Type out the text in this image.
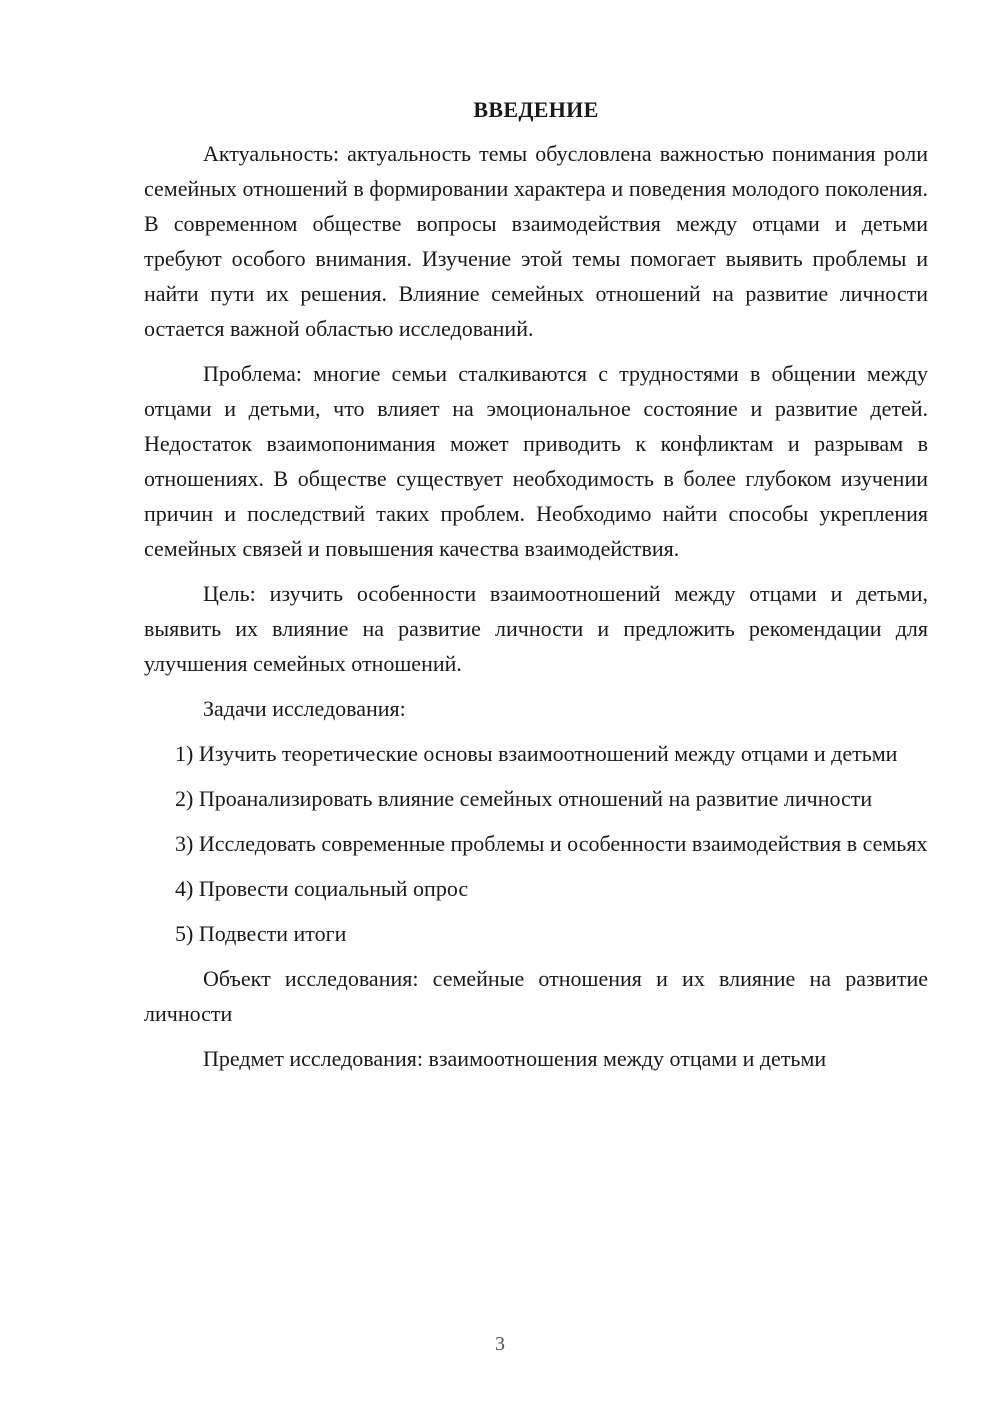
ВВЕДЕНИЕ

Актуальность: актуальность темы обусловлена важностью понимания роли семейных отношений в формировании характера и поведения молодого поколения. В современном обществе вопросы взаимодействия между отцами и детьми требуют особого внимания. Изучение этой темы помогает выявить проблемы и найти пути их решения. Влияние семейных отношений на развитие личности остается важной областью исследований.

Проблема: многие семьи сталкиваются с трудностями в общении между отцами и детьми, что влияет на эмоциональное состояние и развитие детей. Недостаток взаимопонимания может приводить к конфликтам и разрывам в отношениях. В обществе существует необходимость в более глубоком изучении причин и последствий таких проблем. Необходимо найти способы укрепления семейных связей и повышения качества взаимодействия.

Цель: изучить особенности взаимоотношений между отцами и детьми, выявить их влияние на развитие личности и предложить рекомендации для улучшения семейных отношений.

Задачи исследования:

1) Изучить теоретические основы взаимоотношений между отцами и детьми

2) Проанализировать влияние семейных отношений на развитие личности

3) Исследовать современные проблемы и особенности взаимодействия в семьях

4) Провести социальный опрос

5) Подвести итоги

Объект исследования: семейные отношения и их влияние на развитие личности

Предмет исследования: взаимоотношения между отцами и детьми

3
